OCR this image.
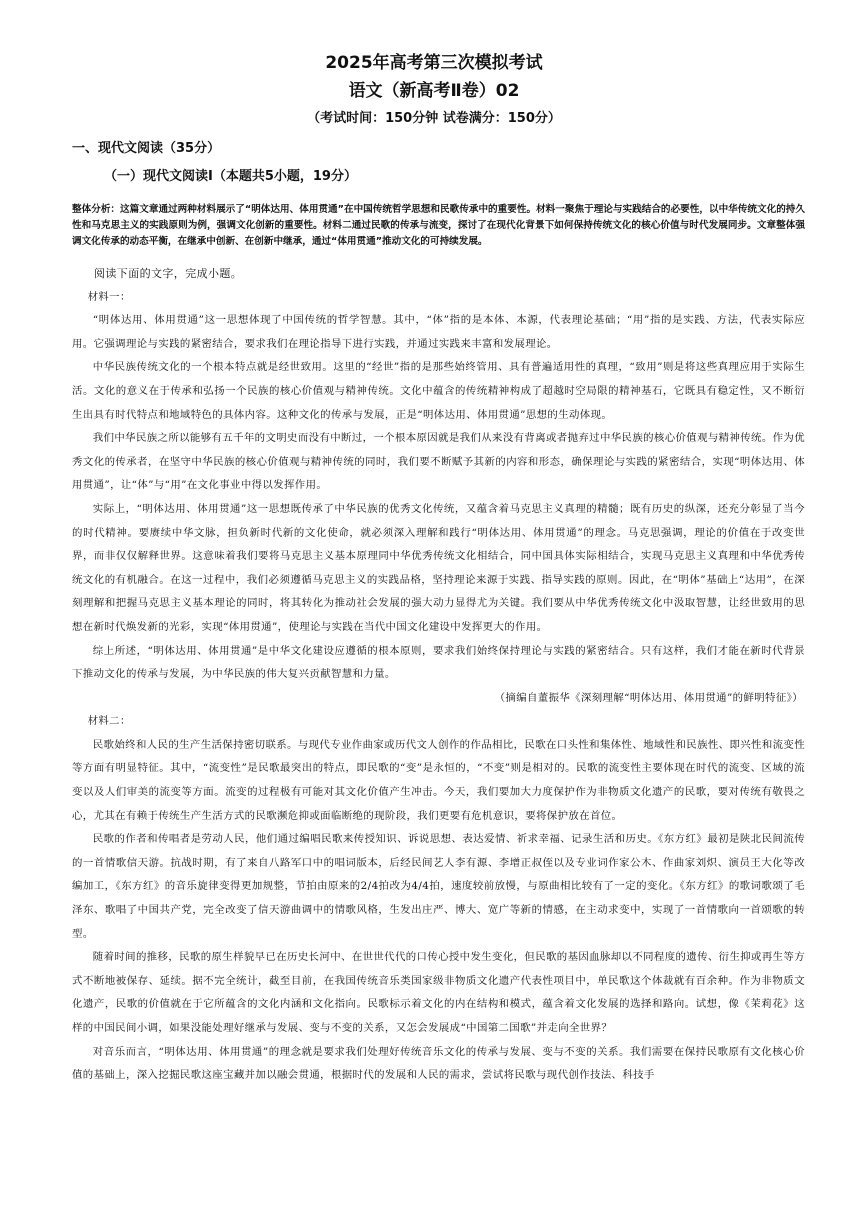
2025年高考第三次模拟考试
语文（新高考Ⅱ卷）02
（考试时间：150分钟 试卷满分：150分）
一、现代文阅读（35分）
（一）现代文阅读Ⅰ（本题共5小题，19分）
整体分析：这篇文章通过两种材料展示了“明体达用、体用贯通”在中国传统哲学思想和民歌传承中的重要性。材料一聚焦于理论与实践结合的必要性，以中华传统文化的持久性和马克思主义的实践原则为例，强调文化创新的重要性。材料二通过民歌的传承与流变，探讨了在现代化背景下如何保持传统文化的核心价值与时代发展同步。文章整体强调文化传承的动态平衡，在继承中创新、在创新中继承，通过“体用贯通”推动文化的可持续发展。

阅读下面的文字，完成小题。

材料一：

“明体达用、体用贯通”这一思想体现了中国传统的哲学智慧。其中，“体”指的是本体、本源，代表理论基础；“用”指的是实践、方法，代表实际应用。它强调理论与实践的紧密结合，要求我们在理论指导下进行实践，并通过实践来丰富和发展理论。

中华民族传统文化的一个根本特点就是经世致用。这里的“经世”指的是那些始终管用、具有普遍适用性的真理，“致用”则是将这些真理应用于实际生活。文化的意义在于传承和弘扬一个民族的核心价值观与精神传统。文化中蕴含的传统精神构成了超越时空局限的精神基石，它既具有稳定性，又不断衍生出具有时代特点和地域特色的具体内容。这种文化的传承与发展，正是“明体达用、体用贯通”思想的生动体现。

我们中华民族之所以能够有五千年的文明史而没有中断过，一个根本原因就是我们从来没有背离或者抛弃过中华民族的核心价值观与精神传统。作为优秀文化的传承者，在坚守中华民族的核心价值观与精神传统的同时，我们要不断赋予其新的内容和形态，确保理论与实践的紧密结合，实现“明体达用、体用贯通”，让“体”与“用”在文化事业中得以发挥作用。

实际上，“明体达用、体用贯通”这一思想既传承了中华民族的优秀文化传统，又蕴含着马克思主义真理的精髓；既有历史的纵深，还充分彰显了当今的时代精神。要赓续中华文脉，担负新时代新的文化使命，就必须深入理解和践行“明体达用、体用贯通”的理念。马克思强调，理论的价值在于改变世界，而非仅仅解释世界。这意味着我们要将马克思主义基本原理同中华优秀传统文化相结合，同中国具体实际相结合，实现马克思主义真理和中华优秀传统文化的有机融合。在这一过程中，我们必须遵循马克思主义的实践品格，坚持理论来源于实践、指导实践的原则。因此，在“明体”基础上“达用”，在深刻理解和把握马克思主义基本理论的同时，将其转化为推动社会发展的强大动力显得尤为关键。我们要从中华优秀传统文化中汲取智慧，让经世致用的思想在新时代焕发新的光彩，实现“体用贯通”，使理论与实践在当代中国文化建设中发挥更大的作用。

综上所述，“明体达用、体用贯通”是中华文化建设应遵循的根本原则，要求我们始终保持理论与实践的紧密结合。只有这样，我们才能在新时代背景下推动文化的传承与发展，为中华民族的伟大复兴贡献智慧和力量。

（摘编自董振华《深刻理解“明体达用、体用贯通”的鲜明特征》）

材料二：

民歌始终和人民的生产生活保持密切联系。与现代专业作曲家或历代文人创作的作品相比，民歌在口头性和集体性、地域性和民族性、即兴性和流变性等方面有明显特征。其中，“流变性”是民歌最突出的特点，即民歌的“变”是永恒的，“不变”则是相对的。民歌的流变性主要体现在时代的流变、区域的流变以及人们审美的流变等方面。流变的过程极有可能对其文化价值产生冲击。今天，我们要加大力度保护作为非物质文化遗产的民歌，要对传统有敬畏之心，尤其在有赖于传统生产生活方式的民歌濒危抑或面临断绝的现阶段，我们更要有危机意识，要将保护放在首位。

民歌的作者和传唱者是劳动人民，他们通过编唱民歌来传授知识、诉说思想、表达爱情、祈求幸福、记录生活和历史。《东方红》最初是陕北民间流传的一首情歌信天游。抗战时期，有了来自八路军口中的唱词版本，后经民间艺人李有源、李增正叔侄以及专业词作家公木、作曲家刘炽、演员王大化等改编加工，《东方红》的音乐旋律变得更加规整，节拍由原来的2/4拍改为4/4拍，速度较前放慢，与原曲相比较有了一定的变化。《东方红》的歌词歌颂了毛泽东、歌唱了中国共产党，完全改变了信天游曲调中的情歌风格，生发出庄严、博大、宽广等新的情感，在主动求变中，实现了一首情歌向一首颂歌的转型。

随着时间的推移，民歌的原生样貌早已在历史长河中、在世世代代的口传心授中发生变化，但民歌的基因血脉却以不同程度的遗传、衍生抑或再生等方式不断地被保存、延续。据不完全统计，截至目前，在我国传统音乐类国家级非物质文化遗产代表性项目中，单民歌这个体裁就有百余种。作为非物质文化遗产，民歌的价值就在于它所蕴含的文化内涵和文化指向。民歌标示着文化的内在结构和模式，蕴含着文化发展的选择和路向。试想，像《茉莉花》这样的中国民间小调，如果没能处理好继承与发展、变与不变的关系，又怎会发展成“中国第二国歌”并走向全世界？

对音乐而言，“明体达用、体用贯通”的理念就是要求我们处理好传统音乐文化的传承与发展、变与不变的关系。我们需要在保持民歌原有文化核心价值的基础上，深入挖掘民歌这座宝藏并加以融会贯通，根据时代的发展和人民的需求，尝试将民歌与现代创作技法、科技手
